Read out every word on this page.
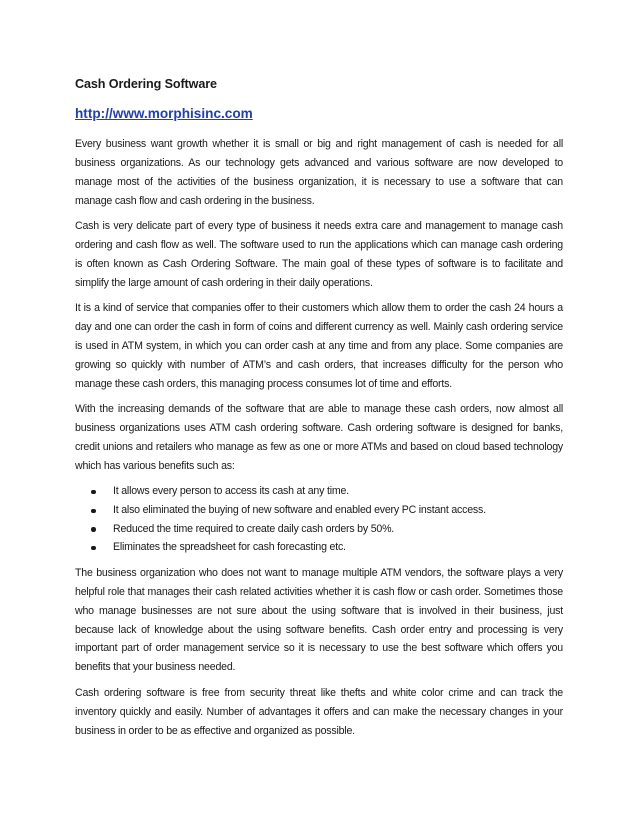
Cash Ordering Software
http://www.morphisinc.com

Every business want growth whether it is small or big and right management of cash is needed for all business organizations. As our technology gets advanced and various software are now developed to manage most of the activities of the business organization, it is necessary to use a software that can manage cash flow and cash ordering in the business.

Cash is very delicate part of every type of business it needs extra care and management to manage cash ordering and cash flow as well. The software used to run the applications which can manage cash ordering is often known as Cash Ordering Software. The main goal of these types of software is to facilitate and simplify the large amount of cash ordering in their daily operations.

It is a kind of service that companies offer to their customers which allow them to order the cash 24 hours a day and one can order the cash in form of coins and different currency as well. Mainly cash ordering service is used in ATM system, in which you can order cash at any time and from any place. Some companies are growing so quickly with number of ATM’s and cash orders, that increases difficulty for the person who manage these cash orders, this managing process consumes lot of time and efforts.

With the increasing demands of the software that are able to manage these cash orders, now almost all business organizations uses ATM cash ordering software. Cash ordering software is designed for banks, credit unions and retailers who manage as few as one or more ATMs and based on cloud based technology which has various benefits such as:

It allows every person to access its cash at any time.
It also eliminated the buying of new software and enabled every PC instant access.
Reduced the time required to create daily cash orders by 50%.
Eliminates the spreadsheet for cash forecasting etc.

The business organization who does not want to manage multiple ATM vendors, the software plays a very helpful role that manages their cash related activities whether it is cash flow or cash order. Sometimes those who manage businesses are not sure about the using software that is involved in their business, just because lack of knowledge about the using software benefits. Cash order entry and processing is very important part of order management service so it is necessary to use the best software which offers you benefits that your business needed.

Cash ordering software is free from security threat like thefts and white color crime and can track the inventory quickly and easily. Number of advantages it offers and can make the necessary changes in your business in order to be as effective and organized as possible.
